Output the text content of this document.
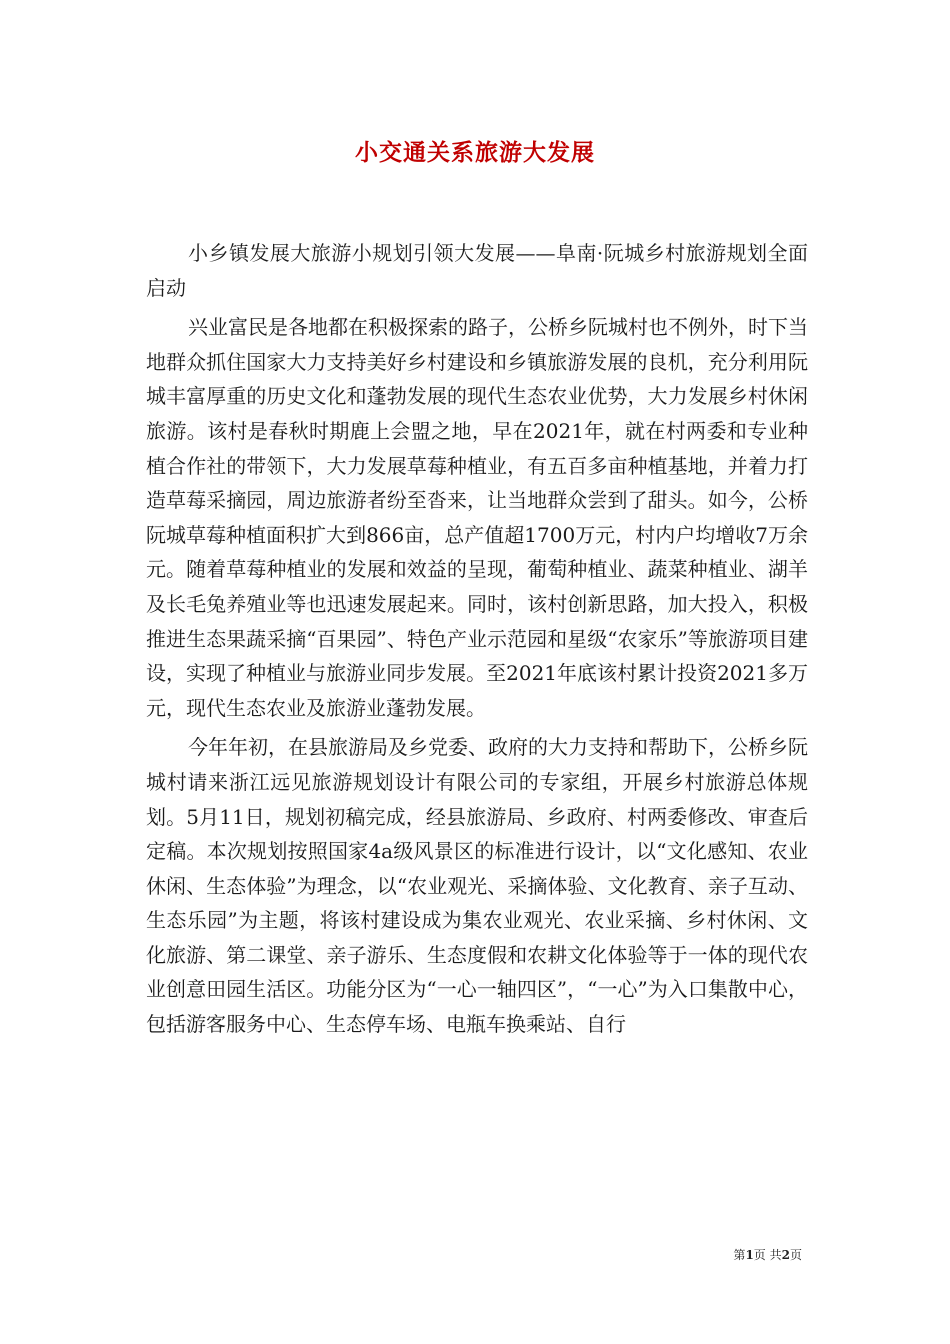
小交通关系旅游大发展

小乡镇发展大旅游小规划引领大发展——阜南·阮城乡村旅游规划全面启动

兴业富民是各地都在积极探索的路子，公桥乡阮城村也不例外，时下当地群众抓住国家大力支持美好乡村建设和乡镇旅游发展的良机，充分利用阮城丰富厚重的历史文化和蓬勃发展的现代生态农业优势，大力发展乡村休闲旅游。该村是春秋时期鹿上会盟之地，早在2021年，就在村两委和专业种植合作社的带领下，大力发展草莓种植业，有五百多亩种植基地，并着力打造草莓采摘园，周边旅游者纷至沓来，让当地群众尝到了甜头。如今，公桥阮城草莓种植面积扩大到866亩，总产值超1700万元，村内户均增收7万余元。随着草莓种植业的发展和效益的呈现，葡萄种植业、蔬菜种植业、湖羊及长毛兔养殖业等也迅速发展起来。同时，该村创新思路，加大投入，积极推进生态果蔬采摘“百果园”、特色产业示范园和星级“农家乐”等旅游项目建设，实现了种植业与旅游业同步发展。至2021年底该村累计投资2021多万元，现代生态农业及旅游业蓬勃发展。

今年年初，在县旅游局及乡党委、政府的大力支持和帮助下，公桥乡阮城村请来浙江远见旅游规划设计有限公司的专家组，开展乡村旅游总体规划。5月11日，规划初稿完成，经县旅游局、乡政府、村两委修改、审查后定稿。本次规划按照国家4a级风景区的标准进行设计，以“文化感知、农业休闲、生态体验”为理念，以“农业观光、采摘体验、文化教育、亲子互动、生态乐园”为主题，将该村建设成为集农业观光、农业采摘、乡村休闲、文化旅游、第二课堂、亲子游乐、生态度假和农耕文化体验等于一体的现代农业创意田园生活区。功能分区为“一心一轴四区”，“一心”为入口集散中心，包括游客服务中心、生态停车场、电瓶车换乘站、自行

第1页 共2页
